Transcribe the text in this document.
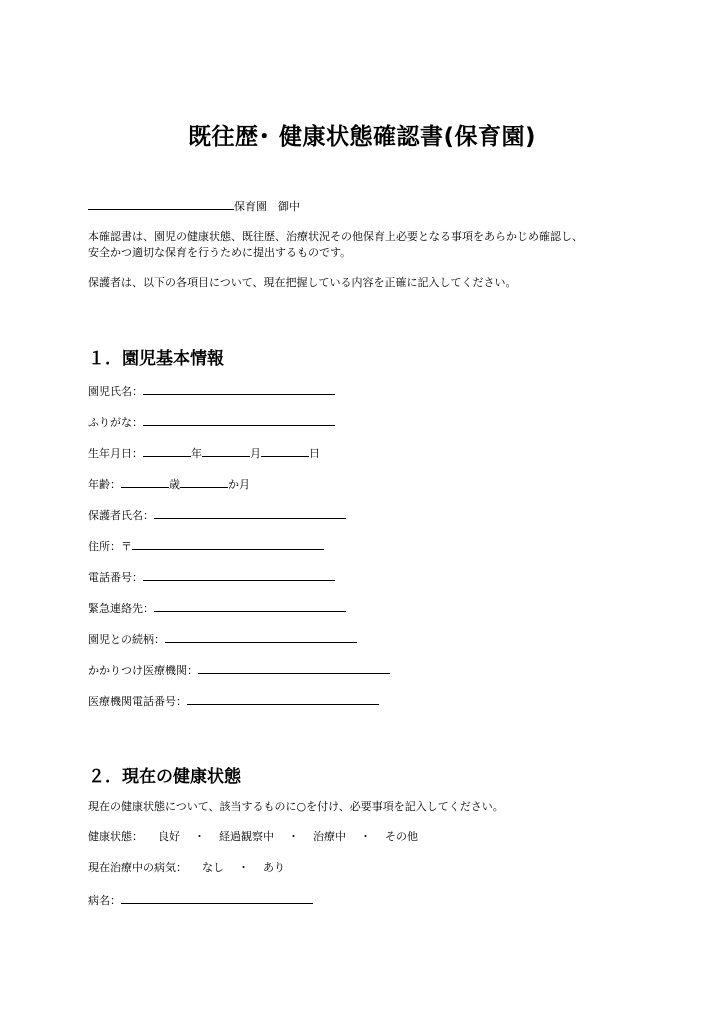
既往歴･ 健康状態確認書(保育園)
保育園　御中
本確認書は、園児の健康状態、既往歴、治療状況その他保育上必要となる事項をあらかじめ確認し、
安全かつ適切な保育を行うために提出するものです。
保護者は、以下の各項目について、現在把握している内容を正確に記入してください。
１．園児基本情報
園児氏名：
ふりがな：
生年月日：	年	月	日
年齢：	歳	か月
保護者氏名：
住所：〒
電話番号：
緊急連絡先：
園児との続柄：
かかりつけ医療機関：
医療機関電話番号：
２．現在の健康状態
現在の健康状態について、該当するものに○を付け、必要事項を記入してください。
健康状態： 良好 ・ 経過観察中 ・ 治療中 ・ その他
現在治療中の病気： なし ・ あり
病名：
